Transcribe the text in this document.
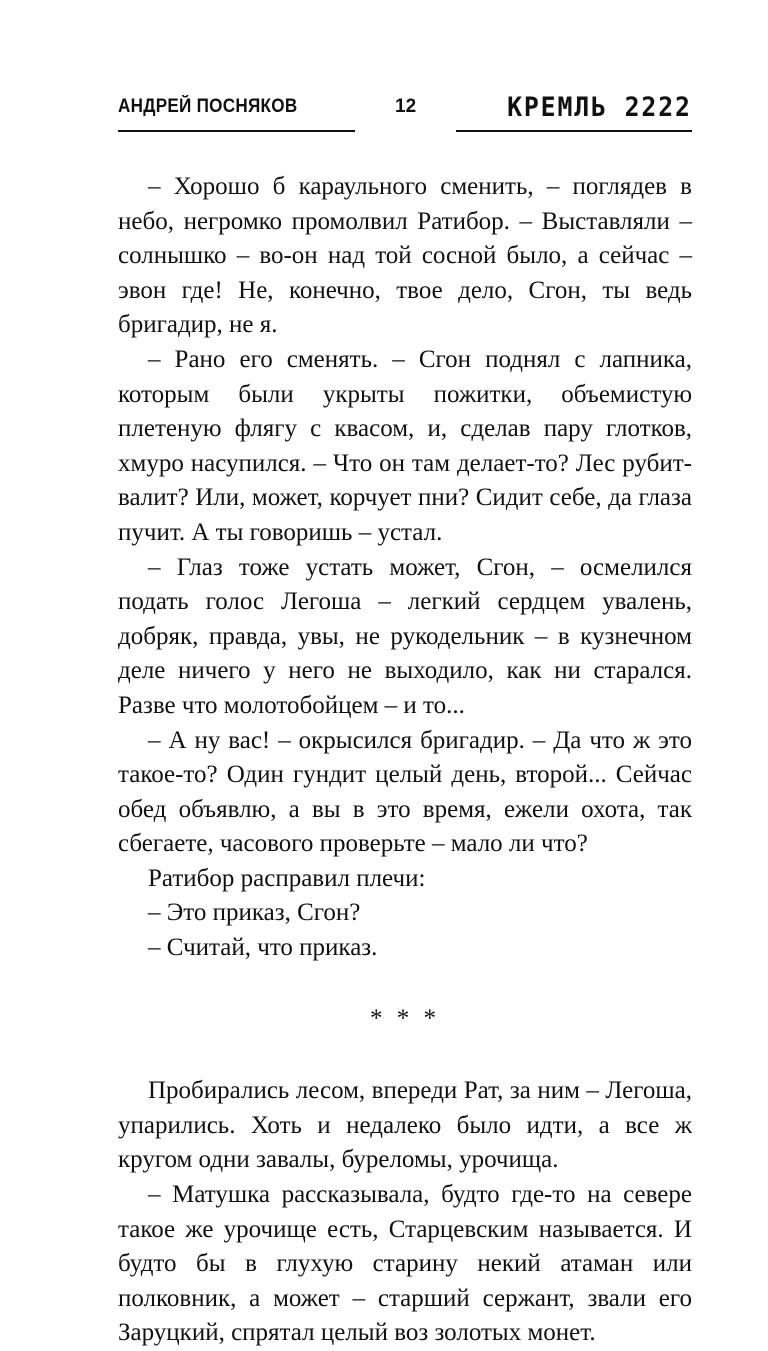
АНДРЕЙ ПОСНЯКОВ	12	КРЕМЛЬ 2222

– Хорошо б караульного сменить, – поглядев в небо, негромко промолвил Ратибор. – Выставляли – солнышко – во-он над той сосной было, а сейчас – эвон где! Не, конечно, твое дело, Сгон, ты ведь бригадир, не я.

– Рано его сменять. – Сгон поднял с лапника, которым были укрыты пожитки, объемистую плетеную флягу с квасом, и, сделав пару глотков, хмуро насупился. – Что он там делает-то? Лес рубит-валит? Или, может, корчует пни? Сидит себе, да глаза пучит. А ты говоришь – устал.

– Глаз тоже устать может, Сгон, – осмелился подать голос Легоша – легкий сердцем увалень, добряк, правда, увы, не рукодельник – в кузнечном деле ничего у него не выходило, как ни старался. Разве что молотобойцем – и то...

– А ну вас! – окрысился бригадир. – Да что ж это такое-то? Один гундит целый день, второй... Сейчас обед объявлю, а вы в это время, ежели охота, так сбегаете, часового проверьте – мало ли что?

Ратибор расправил плечи:

– Это приказ, Сгон?

– Считай, что приказ.

* * *

Пробирались лесом, впереди Рат, за ним – Легоша, упарились. Хоть и недалеко было идти, а все ж кругом одни завалы, буреломы, урочища.

– Матушка рассказывала, будто где-то на севере такое же урочище есть, Старцевским называется. И будто бы в глухую старину некий атаман или полковник, а может – старший сержант, звали его Заруцкий, спрятал целый воз золотых монет.
